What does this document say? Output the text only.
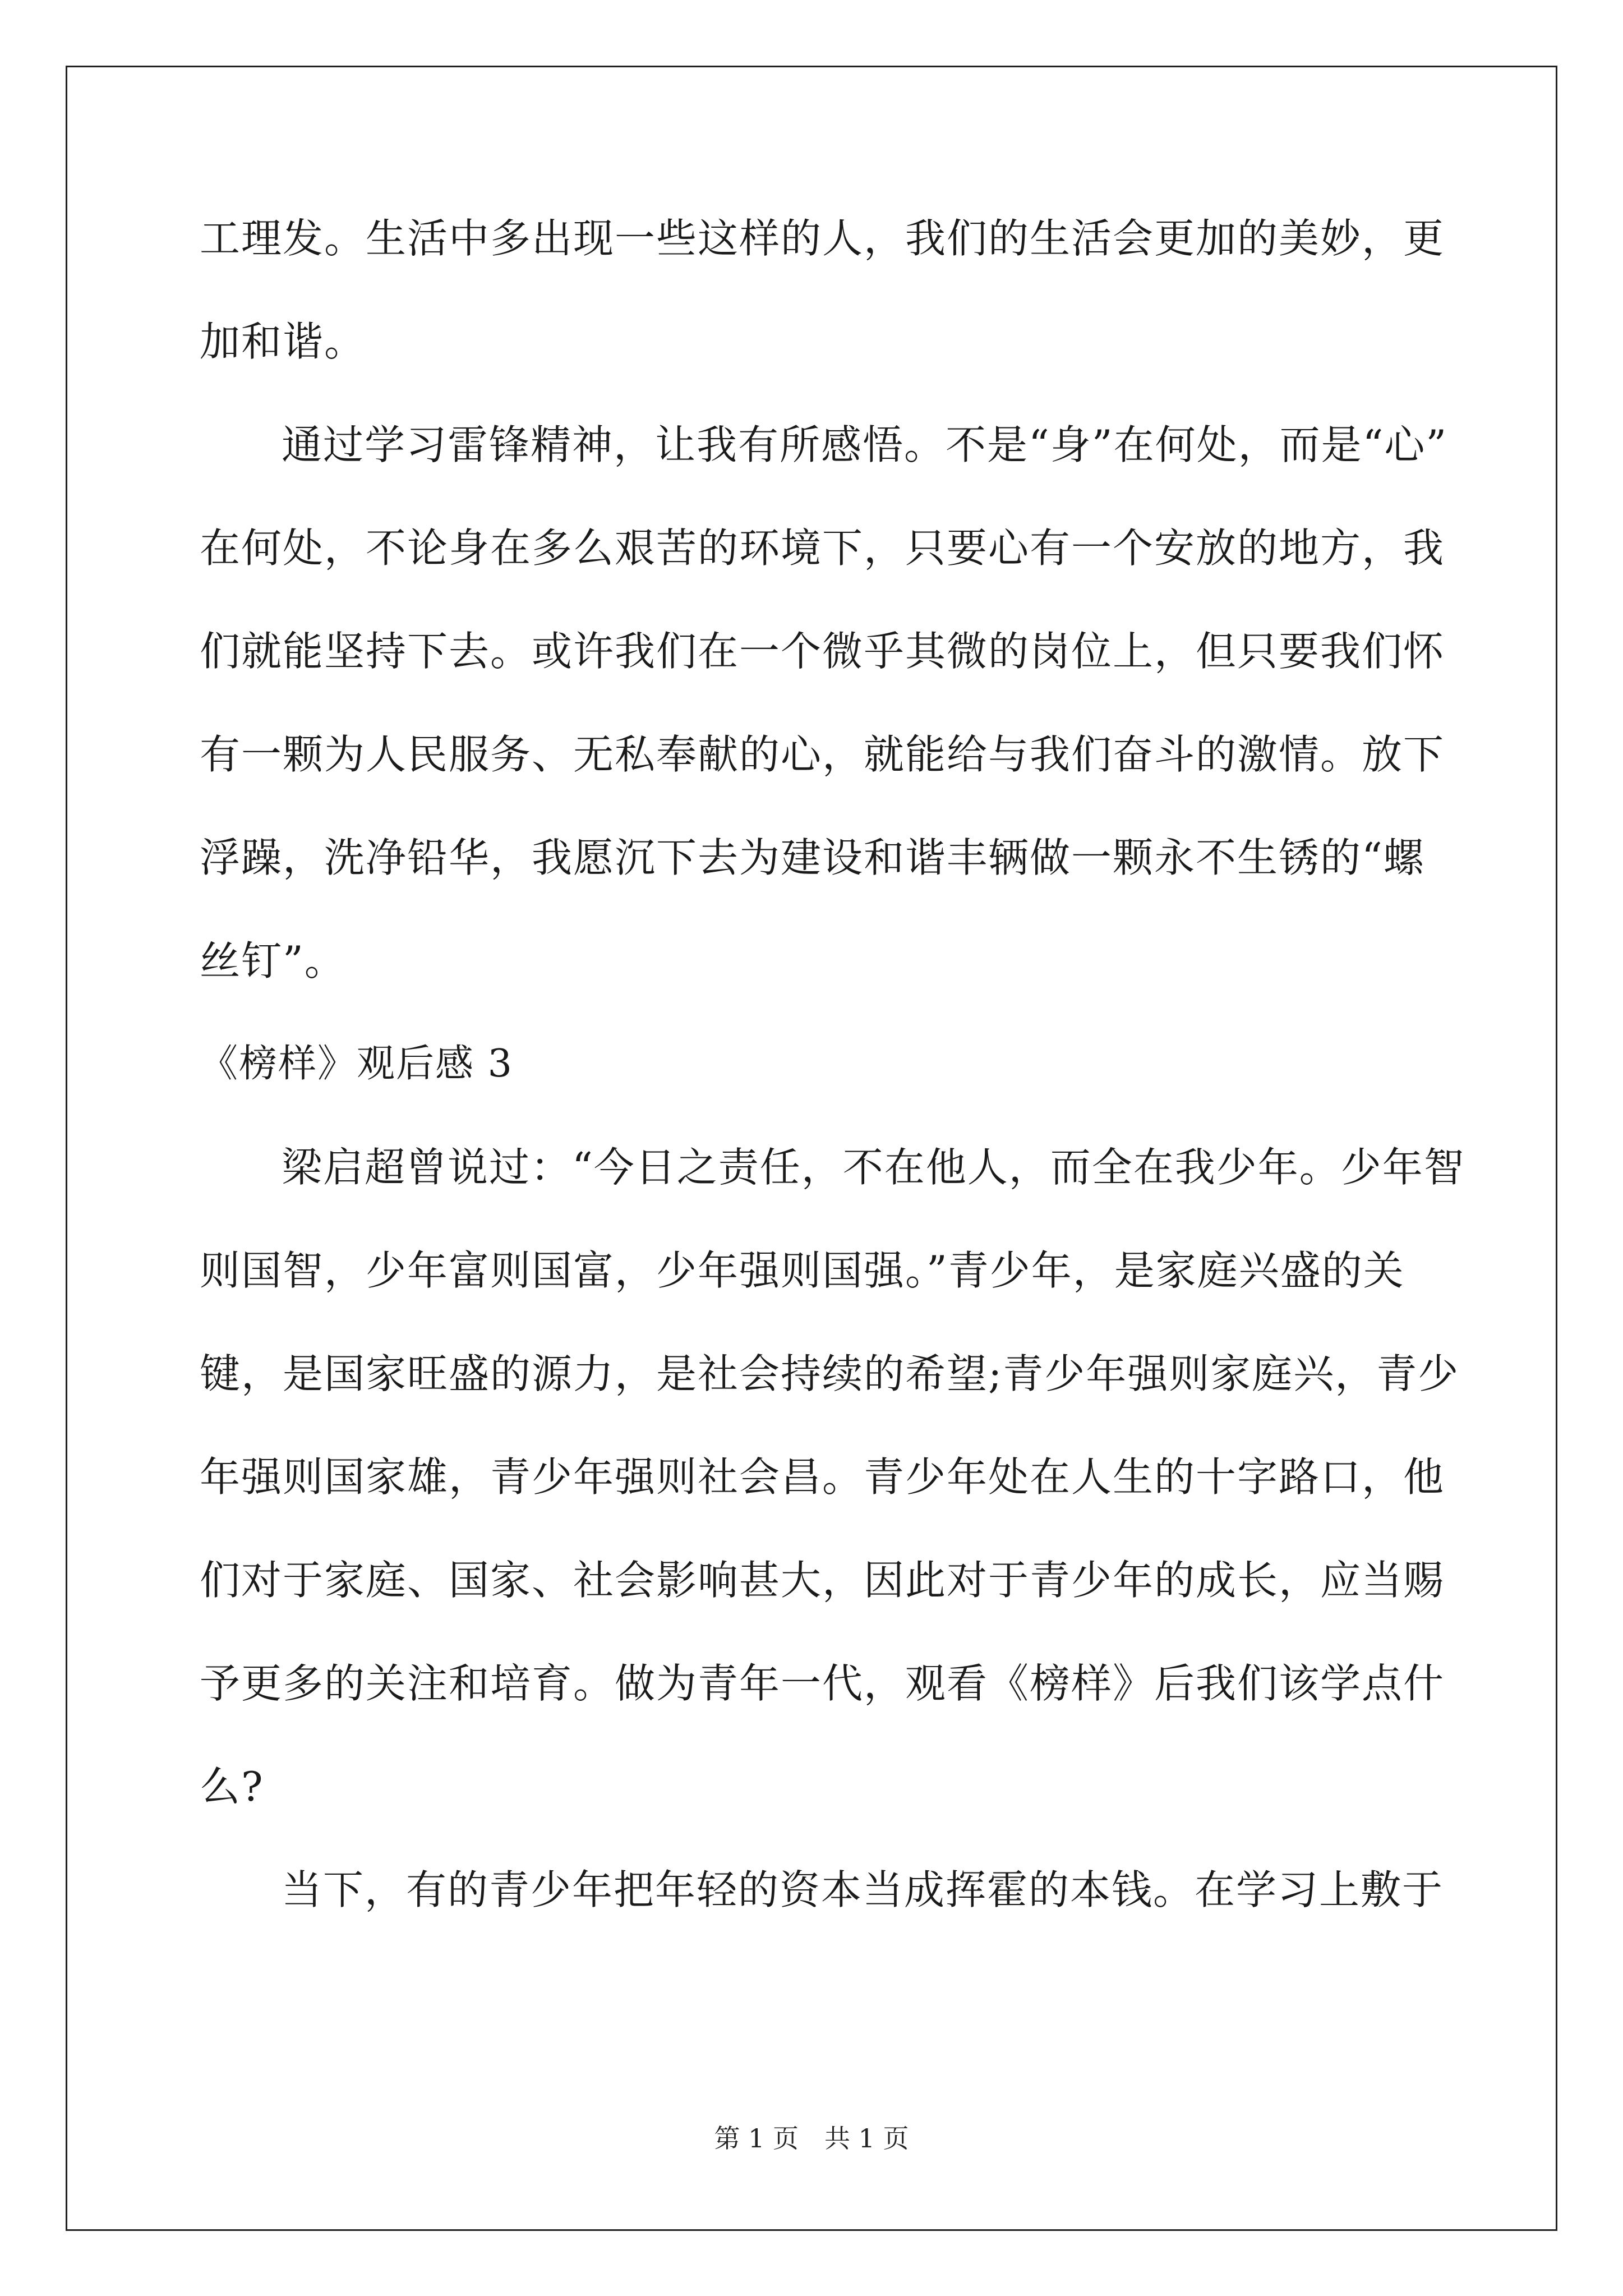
工理发。生活中多出现一些这样的人，我们的生活会更加的美妙，更
加和谐。
通过学习雷锋精神，让我有所感悟。不是“身”在何处，而是“心”
在何处，不论身在多么艰苦的环境下，只要心有一个安放的地方，我
们就能坚持下去。或许我们在一个微乎其微的岗位上，但只要我们怀
有一颗为人民服务、无私奉献的心，就能给与我们奋斗的激情。放下
浮躁，洗净铅华，我愿沉下去为建设和谐丰辆做一颗永不生锈的“螺
丝钉”。
《榜样》观后感 3
梁启超曾说过：“今日之责任，不在他人，而全在我少年。少年智
则国智，少年富则国富，少年强则国强。”青少年，是家庭兴盛的关
键，是国家旺盛的源力，是社会持续的希望;青少年强则家庭兴，青少
年强则国家雄，青少年强则社会昌。青少年处在人生的十字路口，他
们对于家庭、国家、社会影响甚大，因此对于青少年的成长，应当赐
予更多的关注和培育。做为青年一代，观看《榜样》后我们该学点什
么?
当下，有的青少年把年轻的资本当成挥霍的本钱。在学习上敷于
第 1 页　共 1 页
